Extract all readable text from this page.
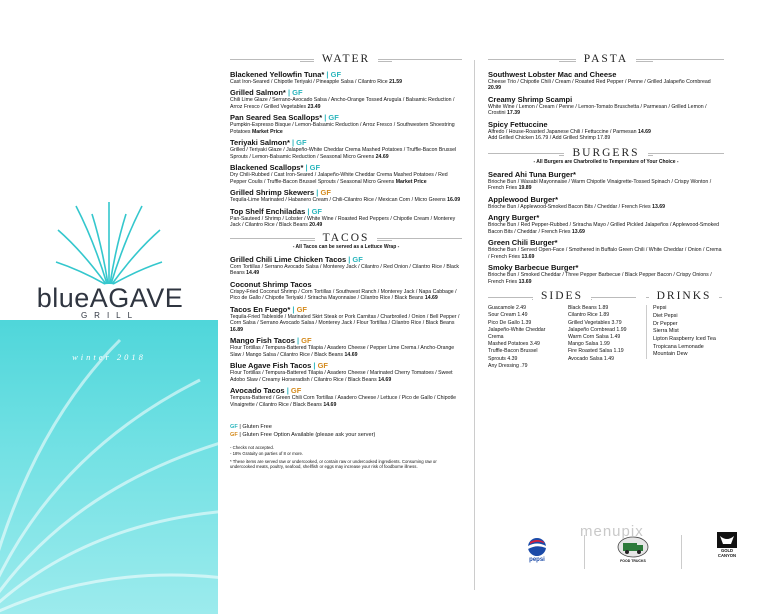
blueAGAVE
GRILL
winter 2018
WATER
Blackened Yellowfin Tuna* | GF
Cast Iron-Seared / Chipotle Teriyaki / Pineapple Salsa / Cilantro Rice 21.59
Grilled Salmon* | GF
Chili Lime Glaze / Serrano-Avocado Salsa / Ancho-Orange Tossed Arugula / Balsamic Reduction / Arroz Fresco / Grilled Vegetables 23.49
Pan Seared Sea Scallops* | GF
Pumpkin-Espresso Bisque / Lemon-Balsamic Reduction / Arroz Fresco / Southwestern Shoestring Potatoes Market Price
Teriyaki Salmon* | GF
Grilled / Teriyaki Glaze / Jalapeño-White Cheddar Crema Mashed Potatoes / Truffle-Bacon Brussel Sprouts / Lemon-Balsamic Reduction / Seasonal Micro Greens 24.69
Blackened Scallops* | GF
Dry Chili-Rubbed / Cast Iron-Seared / Jalapeño-White Cheddar Crema Mashed Potatoes / Red Pepper Coulis / Truffle-Bacon Brussel Sprouts / Seasonal Micro Greens Market Price
Grilled Shrimp Skewers | GF
Tequila-Lime Marinated / Habanero Cream / Chili-Cilantro Rice / Mexican Corn / Micro Greens 16.09
Top Shelf Enchiladas | GF
Pan-Sauteed / Shrimp / Lobster / White Wine / Roasted Red Peppers / Chipotle Cream / Monterey Jack / Cilantro Rice / Black Beans 20.49
TACOS
- All Tacos can be served as a Lettuce Wrap -
Grilled Chili Lime Chicken Tacos | GF
Corn Tortillas / Serrano Avocado Salsa / Monterey Jack / Cilantro / Red Onion / Cilantro Rice / Black Beans 14.49
Coconut Shrimp Tacos
Crispy-Fried Coconut Shrimp / Corn Tortillas / Southwest Ranch / Monterey Jack / Napa Cabbage / Pico de Gallo / Chipotle Teriyaki / Sriracha Mayonnaise / Cilantro Rice / Black Beans 14.69
Tacos En Fuego* | GF
Tequila-Fried Tableside / Marinated Skirt Steak or Pork Carnitas / Charbroiled / Onion / Bell Pepper / Corn Salsa / Serrano Avocado Salsa / Monterey Jack / Flour Tortillas / Cilantro Rice / Black Beans 16.89
Mango Fish Tacos | GF
Flour Tortillas / Tempura-Battered Tilapia / Asadero Cheese / Pepper Lime Crema / Ancho-Orange Slaw / Mango Salsa / Cilantro Rice / Black Beans 14.69
Blue Agave Fish Tacos | GF
Flour Tortillas / Tempura-Battered Tilapia / Asadero Cheese / Marinated Cherry Tomatoes / Sweet Adobo Slaw / Creamy Horseradish / Cilantro Rice / Black Beans 14.69
Avocado Tacos | GF
Tempura-Battered / Green Chili Corn Tortillas / Asadero Cheese / Lettuce / Pico de Gallo / Chipotle Vinaigrette / Cilantro Rice / Black Beans 14.69
GF | Gluten Free
GF | Gluten Free Option Available (please ask your server)
- Checks not accepted.
- 18% Gratuity on parties of 8 or more.
* These items are served raw or undercooked, or contain raw or undercooked ingredients. Consuming raw or undercooked meats, poultry, seafood, shellfish or eggs may increase your risk of foodborne illness.
PASTA
Southwest Lobster Mac and Cheese
Cheese Trio / Chipotle Chili / Cream / Roasted Red Pepper / Penne / Grilled Jalapeño Cornbread 20.99
Creamy Shrimp Scampi
White Wine / Lemon / Cream / Penne / Lemon-Tomato Bruschetta / Parmesan / Grilled Lemon / Crostini 17.39
Spicy Fettuccine
Alfredo / House-Roasted Japanese Chili / Fettuccine / Parmesan 14.69
Add Grilled Chicken 16.79 / Add Grilled Shrimp 17.89
BURGERS
- All Burgers are Charbroiled to Temperature of Your Choice -
Seared Ahi Tuna Burger*
Brioche Bun / Wasabi Mayonnaise / Warm Chipotle Vinaigrette-Tossed Spinach / Crispy Wonton / French Fries 19.89
Applewood Burger*
Brioche Bun / Applewood-Smoked Bacon Bits / Cheddar / French Fries 13.69
Angry Burger*
Brioche Bun / Red Pepper-Rubbed / Sriracha Mayo / Grilled Pickled Jalapeños / Applewood-Smoked Bacon Bits / Cheddar / French Fries 13.69
Green Chili Burger*
Brioche Bun / Served Open-Face / Smothered in Buffalo Green Chili / White Cheddar / Onion / Crema / French Fries 13.69
Smoky Barbecue Burger*
Brioche Bun / Smoked Cheddar / Three Pepper Barbecue / Black Pepper Bacon / Crispy Onions / French Fries 13.69
SIDES
Guacamole 2.49
Sour Cream 1.49
Pico De Gallo 1.39
Jalapeño-White Cheddar Crema
Mashed Potatoes 3.49
Truffle-Bacon Brussel
Sprouts 4.39
Any Dressing .79
Black Beans 1.89
Cilantro Rice 1.89
Grilled Vegetables 3.79
Jalapeño Cornbread 1.99
Warm Corn Salsa 1.49
Mango Salsa 1.99
Fire Roasted Salsa 1.19
Avocado Salsa 1.49
DRINKS
Pepsi
Diet Pepsi
Dr Pepper
Sierra Mist
Lipton Raspberry Iced Tea
Tropicana Lemonade
Mountain Dew
pepsi	FOOD TRUCKS
GOLD CANYON
menupix
